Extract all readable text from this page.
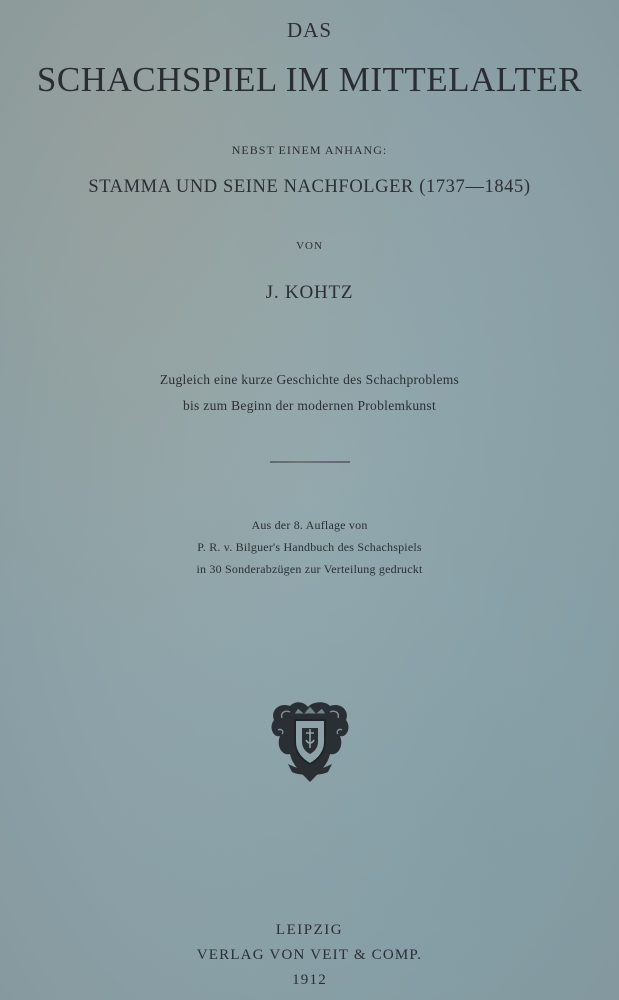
DAS

SCHACHSPIEL IM MITTELALTER

NEBST EINEM ANHANG:

STAMMA UND SEINE NACHFOLGER (1737—1845)

VON

J. KOHTZ

Zugleich eine kurze Geschichte des Schachproblems

bis zum Beginn der modernen Problemkunst

Aus der 8. Auflage von

P. R. v. Bilguer's Handbuch des Schachspiels

in 30 Sonderabzügen zur Verteilung gedruckt

LEIPZIG

VERLAG VON VEIT & COMP.

1912
